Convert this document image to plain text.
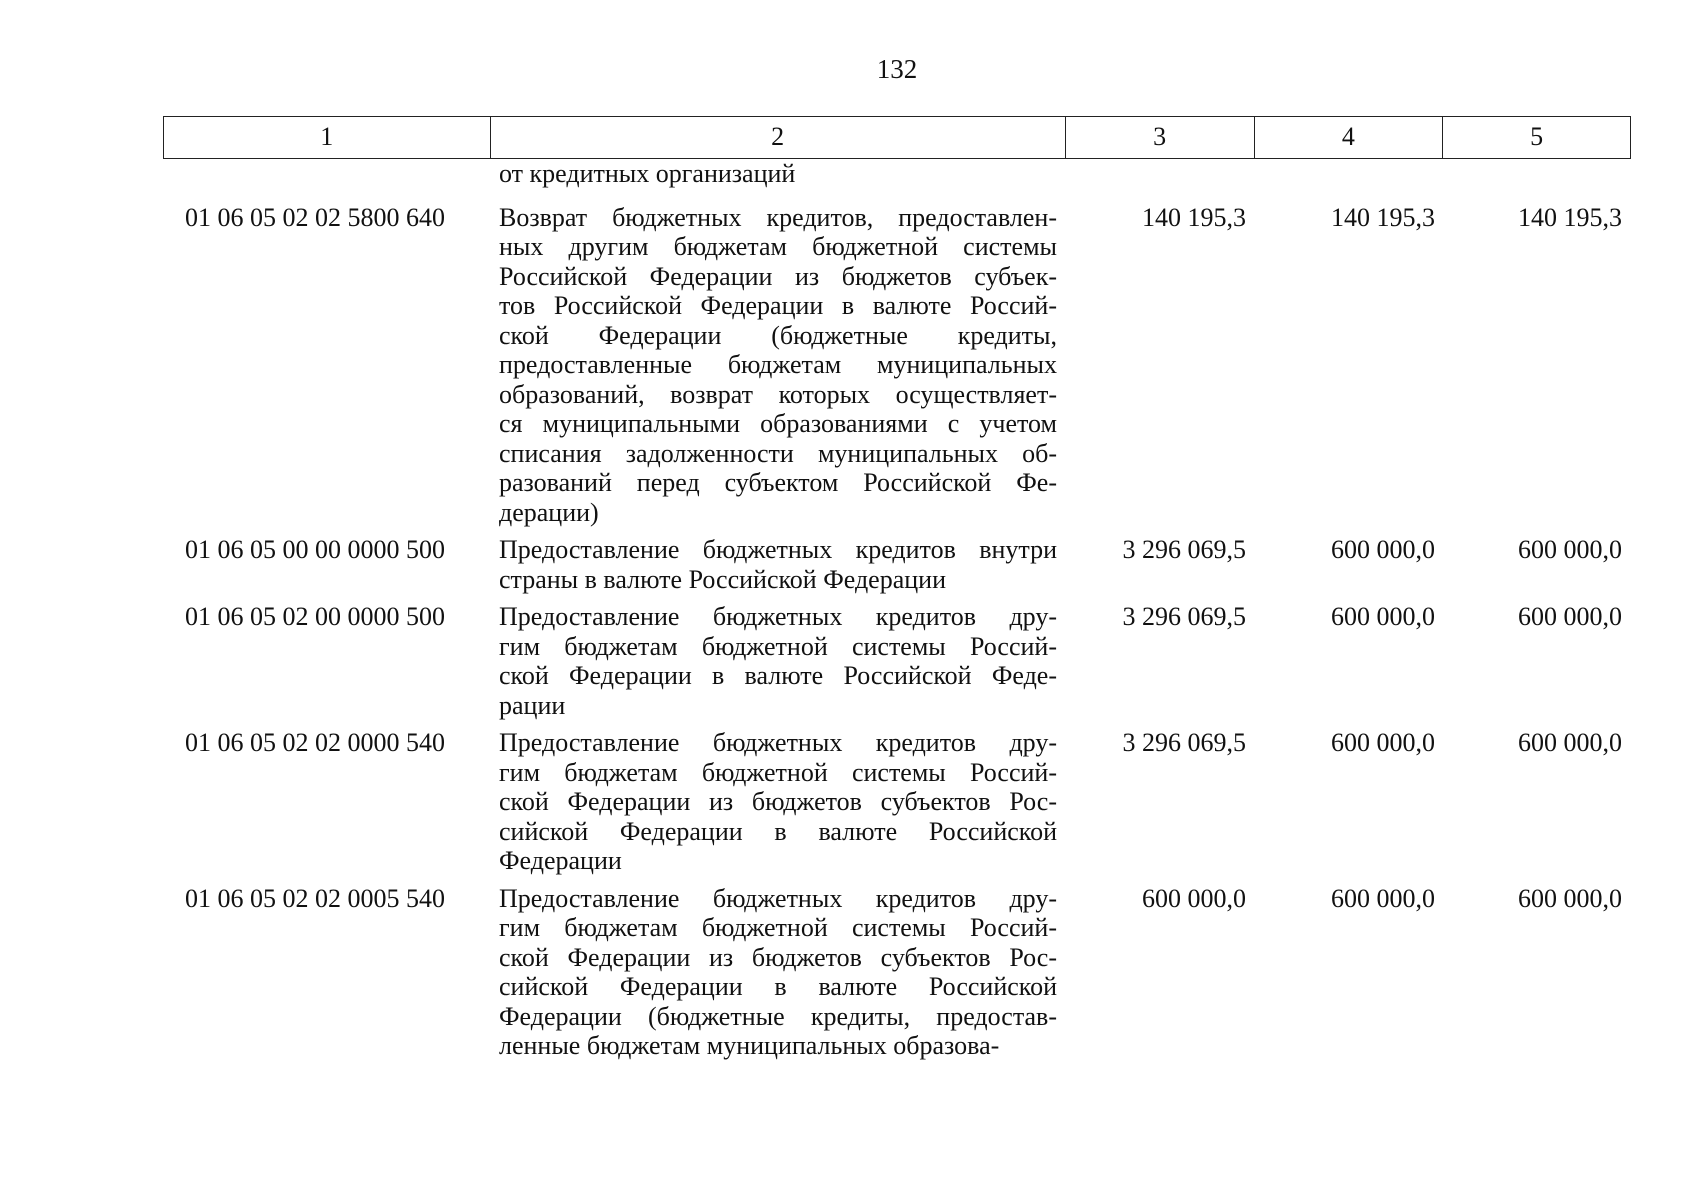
132
1	2	3	4	5
от кредитных организаций
01 06 05 02 02 5800 640	Возврат бюджетных кредитов, предоставлен-
ных другим бюджетам бюджетной системы
Российской Федерации из бюджетов субъек-
тов Российской Федерации в валюте Россий-
ской Федерации (бюджетные кредиты,
предоставленные бюджетам муниципальных
образований, возврат которых осуществляет-
ся муниципальными образованиями с учетом
списания задолженности муниципальных об-
разований перед субъектом Российской Фе-
дерации)
140 195,3	140 195,3	140 195,3
01 06 05 00 00 0000 500	Предоставление бюджетных кредитов внутри
страны в валюте Российской Федерации
3 296 069,5	600 000,0	600 000,0
01 06 05 02 00 0000 500	Предоставление бюджетных кредитов дру-
гим бюджетам бюджетной системы Россий-
ской Федерации в валюте Российской Феде-
рации
3 296 069,5	600 000,0	600 000,0
01 06 05 02 02 0000 540	Предоставление бюджетных кредитов дру-
гим бюджетам бюджетной системы Россий-
ской Федерации из бюджетов субъектов Рос-
сийской Федерации в валюте Российской
Федерации
3 296 069,5	600 000,0	600 000,0
01 06 05 02 02 0005 540	Предоставление бюджетных кредитов дру-
гим бюджетам бюджетной системы Россий-
ской Федерации из бюджетов субъектов Рос-
сийской Федерации в валюте Российской
Федерации (бюджетные кредиты, предостав-
ленные бюджетам муниципальных образова-
600 000,0	600 000,0	600 000,0
